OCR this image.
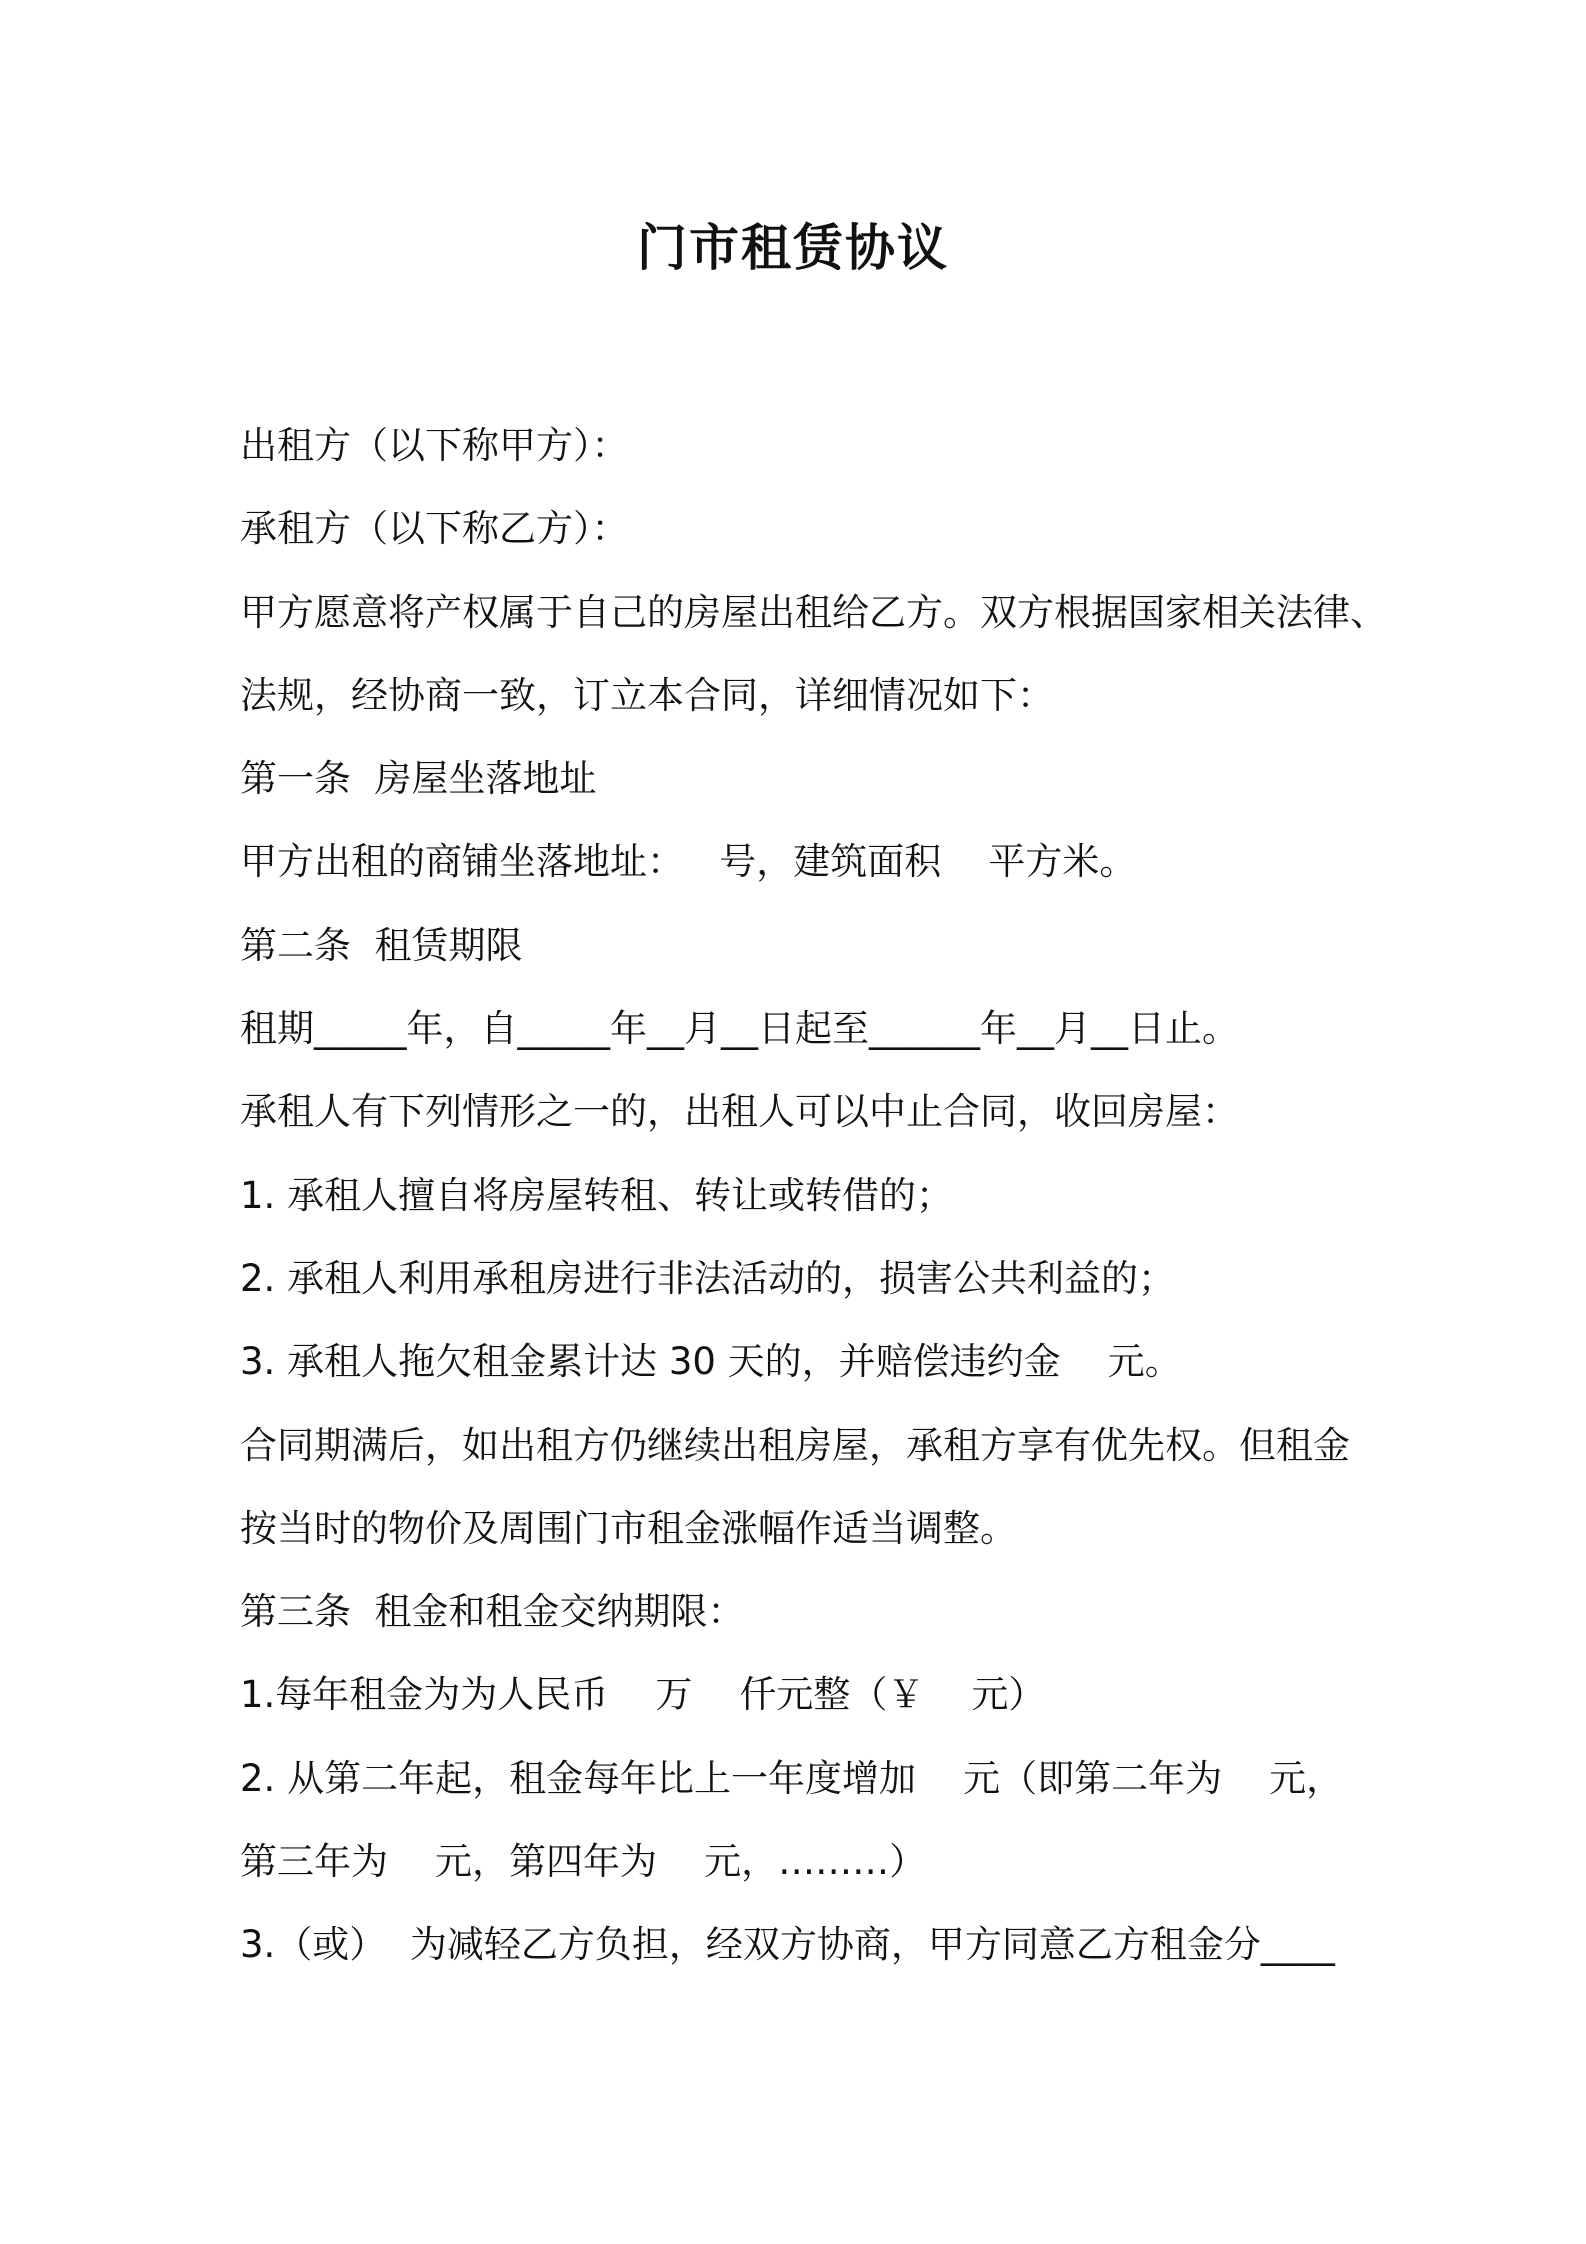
门市租赁协议

出租方（以下称甲方）：

承租方（以下称乙方）：

甲方愿意将产权属于自己的房屋出租给乙方。双方根据国家相关法律、

法规，经协商一致，订立本合同，详细情况如下：

第一条  房屋坐落地址

甲方出租的商铺坐落地址：   号，建筑面积    平方米。

第二条  租赁期限

租期_____年，自_____年__月__日起至______年__月__日止。

承租人有下列情形之一的，出租人可以中止合同，收回房屋：

1. 承租人擅自将房屋转租、转让或转借的；

2. 承租人利用承租房进行非法活动的，损害公共利益的；

3. 承租人拖欠租金累计达 30 天的，并赔偿违约金    元。

合同期满后，如出租方仍继续出租房屋，承租方享有优先权。但租金

按当时的物价及周围门市租金涨幅作适当调整。

第三条  租金和租金交纳期限：

1.每年租金为为人民币    万    仟元整（￥    元）

2. 从第二年起，租金每年比上一年度增加    元（即第二年为    元，

第三年为    元，第四年为    元，………）

3.（或）  为减轻乙方负担，经双方协商，甲方同意乙方租金分____
